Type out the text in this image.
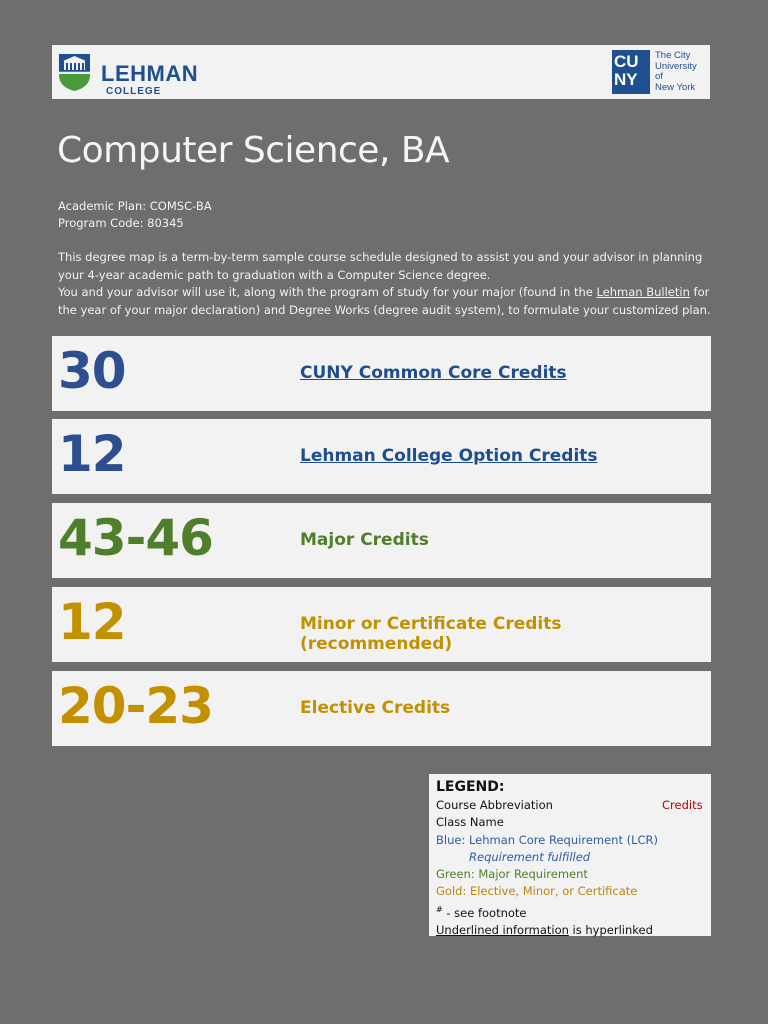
LEHMAN
COLLEGE
CU
NY
The City
University
of
New York
Computer Science, BA
Academic Plan: COMSC-BA
Program Code: 80345
This degree map is a term-by-term sample course schedule designed to assist you and your advisor in planning
your 4-year academic path to graduation with a Computer Science degree.
You and your advisor will use it, along with the program of study for your major (found in the Lehman Bulletin for
the year of your major declaration) and Degree Works (degree audit system), to formulate your customized plan.
30	CUNY Common Core Credits
12	Lehman College Option Credits
43-46	Major Credits
12	Minor or Certificate Credits (recommended)
20-23	Elective Credits
LEGEND:
Course Abbreviation	Credits
Class Name
Blue: Lehman Core Requirement (LCR)
Requirement fulfilled
Green: Major Requirement
Gold: Elective, Minor, or Certificate
# - see footnote
Underlined information is hyperlinked
